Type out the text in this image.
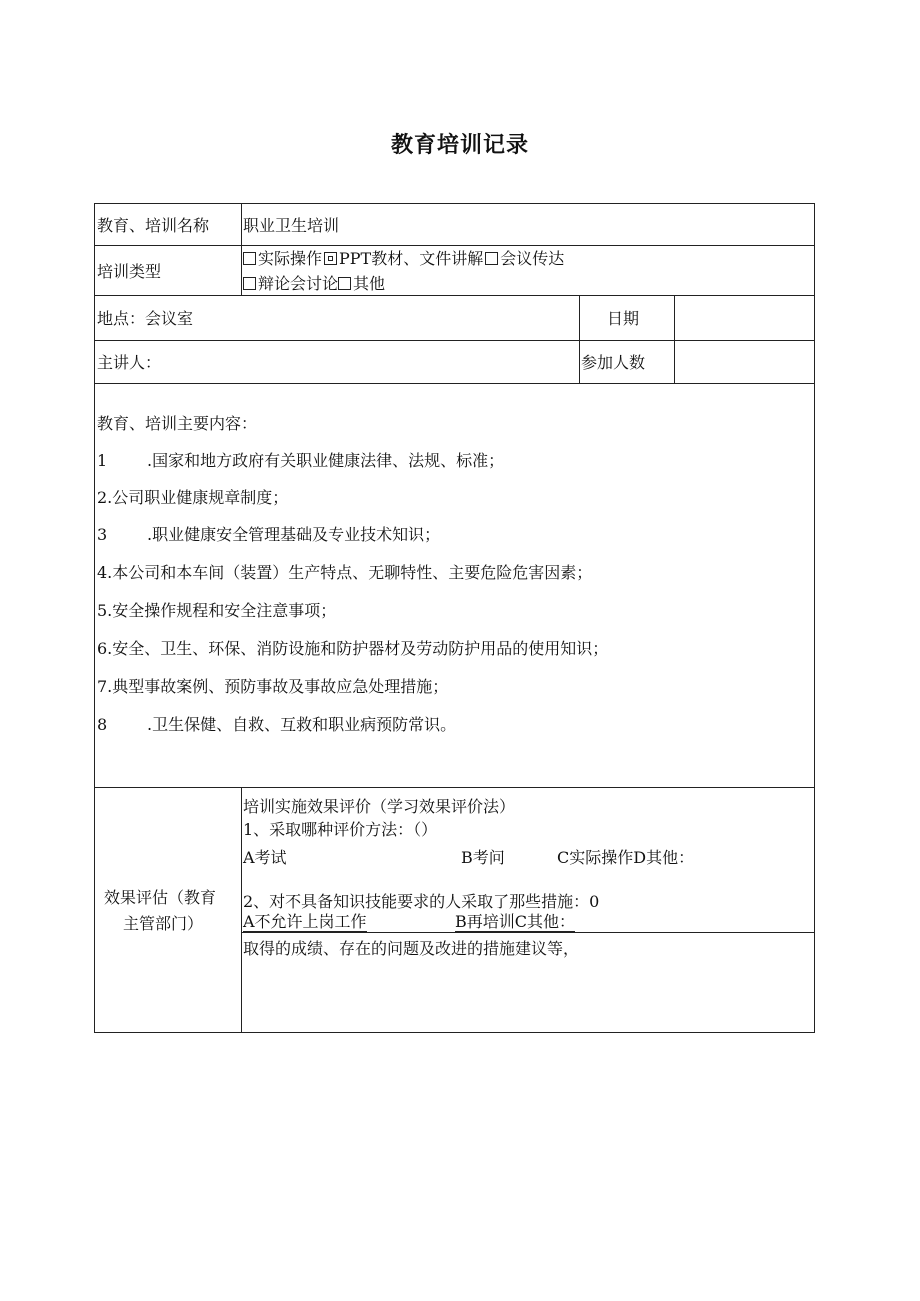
教育培训记录
教育、培训名称 职业卫生培训
培训类型
实际操作 PPT教材、文件讲解 会议传达
辩论会讨论 其他
地点：会议室	日期
主讲人：	参加人数
教育、培训主要内容：
1 .国家和地方政府有关职业健康法律、法规、标准；
2.公司职业健康规章制度；
3 .职业健康安全管理基础及专业技术知识；
4.本公司和本车间（装置）生产特点、无聊特性、主要危险危害因素；
5.安全操作规程和安全注意事项；
6.安全、卫生、环保、消防设施和防护器材及劳动防护用品的使用知识；
7.典型事故案例、预防事故及事故应急处理措施；
8 .卫生保健、自救、互救和职业病预防常识。
效果评估（教育
主管部门）
培训实施效果评价（学习效果评价法）
1、采取哪种评价方法：（）
A考试	B考问	C实际操作D其他：
2、对不具备知识技能要求的人采取了那些措施：0
A不允许上岗工作	B再培训C其他：
取得的成绩、存在的问题及改进的措施建议等，
